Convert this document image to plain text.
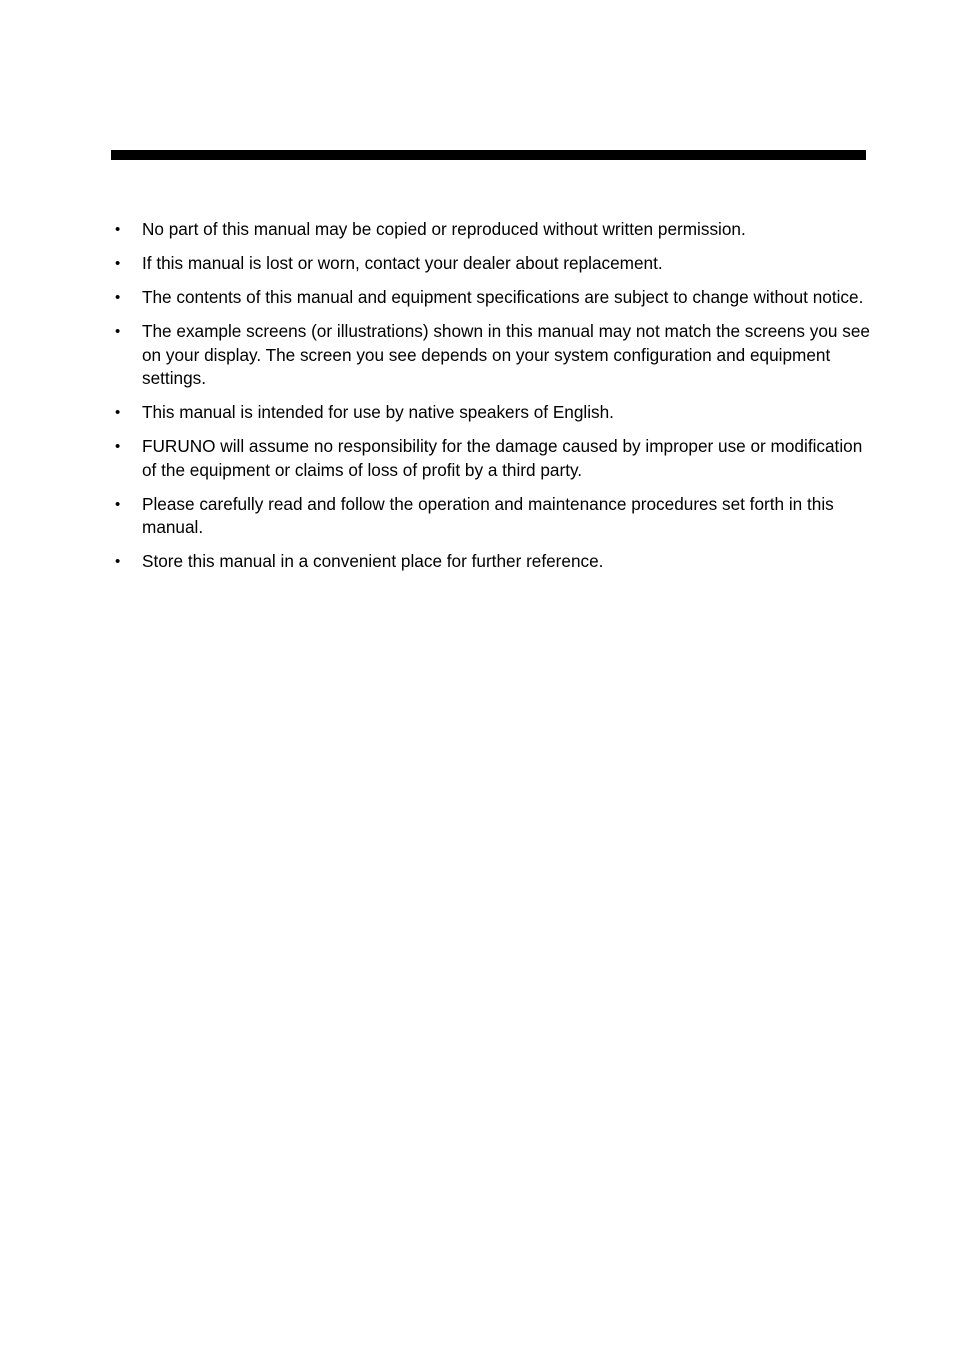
• No part of this manual may be copied or reproduced without written permission.
• If this manual is lost or worn, contact your dealer about replacement.
• The contents of this manual and equipment specifications are subject to change without notice.
• The example screens (or illustrations) shown in this manual may not match the screens you see on your display. The screen you see depends on your system configuration and equipment settings.
• This manual is intended for use by native speakers of English.
• FURUNO will assume no responsibility for the damage caused by improper use or modification of the equipment or claims of loss of profit by a third party.
• Please carefully read and follow the operation and maintenance procedures set forth in this manual.
• Store this manual in a convenient place for further reference.
